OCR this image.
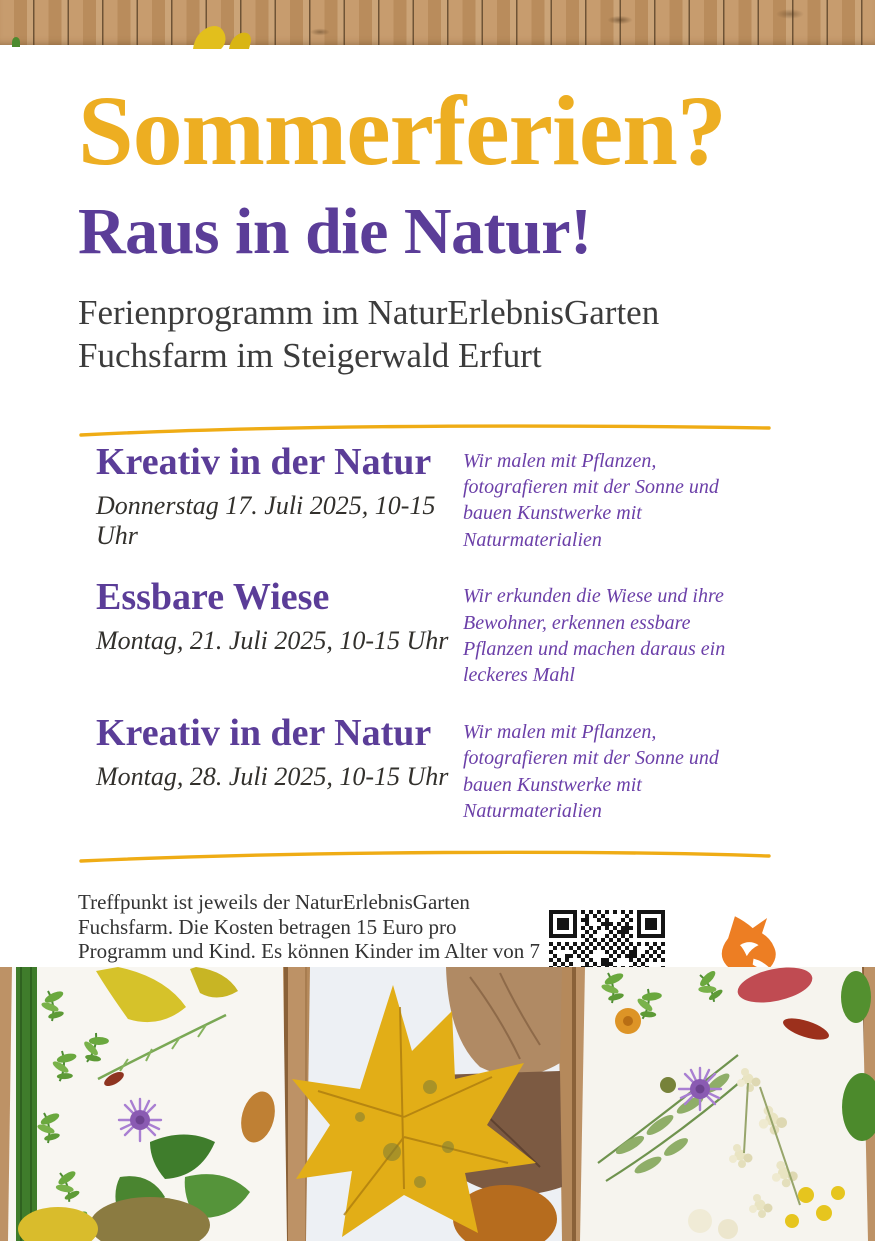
Sommerferien?
Raus in die Natur!
Ferienprogramm im NaturErlebnisGarten
Fuchsfarm im Steigerwald Erfurt
Kreativ in der Natur
Donnerstag 17. Juli 2025, 10-15 Uhr
Wir malen mit Pflanzen, fotografieren mit der Sonne und bauen Kunstwerke mit Naturmaterialien
Essbare Wiese
Montag, 21. Juli 2025, 10-15 Uhr
Wir erkunden die Wiese und ihre Bewohner, erkennen essbare Pflanzen und machen daraus ein leckeres Mahl
Kreativ in der Natur
Montag, 28. Juli 2025, 10-15 Uhr
Wir malen mit Pflanzen, fotografieren mit der Sonne und bauen Kunstwerke mit Naturmaterialien

Treffpunkt ist jeweils der NaturErlebnisGarten Fuchsfarm. Die Kosten betragen 15 Euro pro Programm und Kind. Es können Kinder im Alter von 7
